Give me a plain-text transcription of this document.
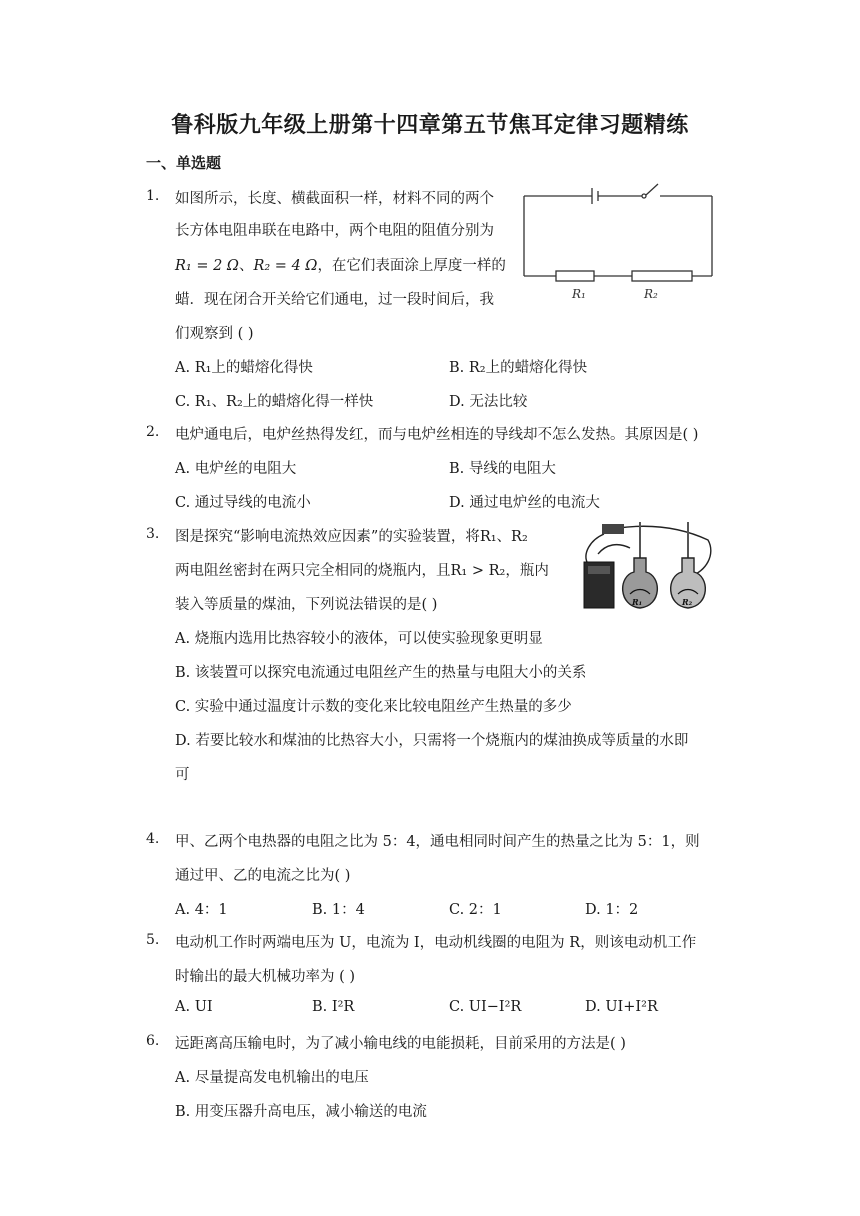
鲁科版九年级上册第十四章第五节焦耳定律习题精练
一、单选题
1. 如图所示，长度、横截面积一样，材料不同的两个
长方体电阻串联在电路中，两个电阻的阻值分别为
R₁ = 2 Ω、R₂ = 4 Ω，在它们表面涂上厚度一样的
蜡．现在闭合开关给它们通电，过一段时间后，我
们观察到 ( )
R₁	R₂
A. R₁上的蜡熔化得快	B. R₂上的蜡熔化得快
C. R₁、R₂上的蜡熔化得一样快	D. 无法比较
2. 电炉通电后，电炉丝热得发红，而与电炉丝相连的导线却不怎么发热。其原因是( )
A. 电炉丝的电阻大	B. 导线的电阻大
C. 通过导线的电流小	D. 通过电炉丝的电流大
3. 图是探究“影响电流热效应因素”的实验装置，将R₁、R₂
两电阻丝密封在两只完全相同的烧瓶内，且R₁ > R₂，瓶内
装入等质量的煤油，下列说法错误的是( )	R₁	R₂
A. 烧瓶内选用比热容较小的液体，可以使实验现象更明显
B. 该装置可以探究电流通过电阻丝产生的热量与电阻大小的关系
C. 实验中通过温度计示数的变化来比较电阻丝产生热量的多少
D. 若要比较水和煤油的比热容大小，只需将一个烧瓶内的煤油换成等质量的水即
可
4. 甲、乙两个电热器的电阻之比为 5：4，通电相同时间产生的热量之比为 5：1，则
通过甲、乙的电流之比为( )
A. 4：1	B. 1：4	C. 2：1	D. 1：2
5. 电动机工作时两端电压为 U，电流为 I，电动机线圈的电阻为 R，则该电动机工作
时输出的最大机械功率为 ( )
A. UI	B. I²R	C. UI−I²R	D. UI+I²R
6. 远距离高压输电时，为了减小输电线的电能损耗，目前采用的方法是( )
A. 尽量提高发电机输出的电压
B. 用变压器升高电压，减小输送的电流
